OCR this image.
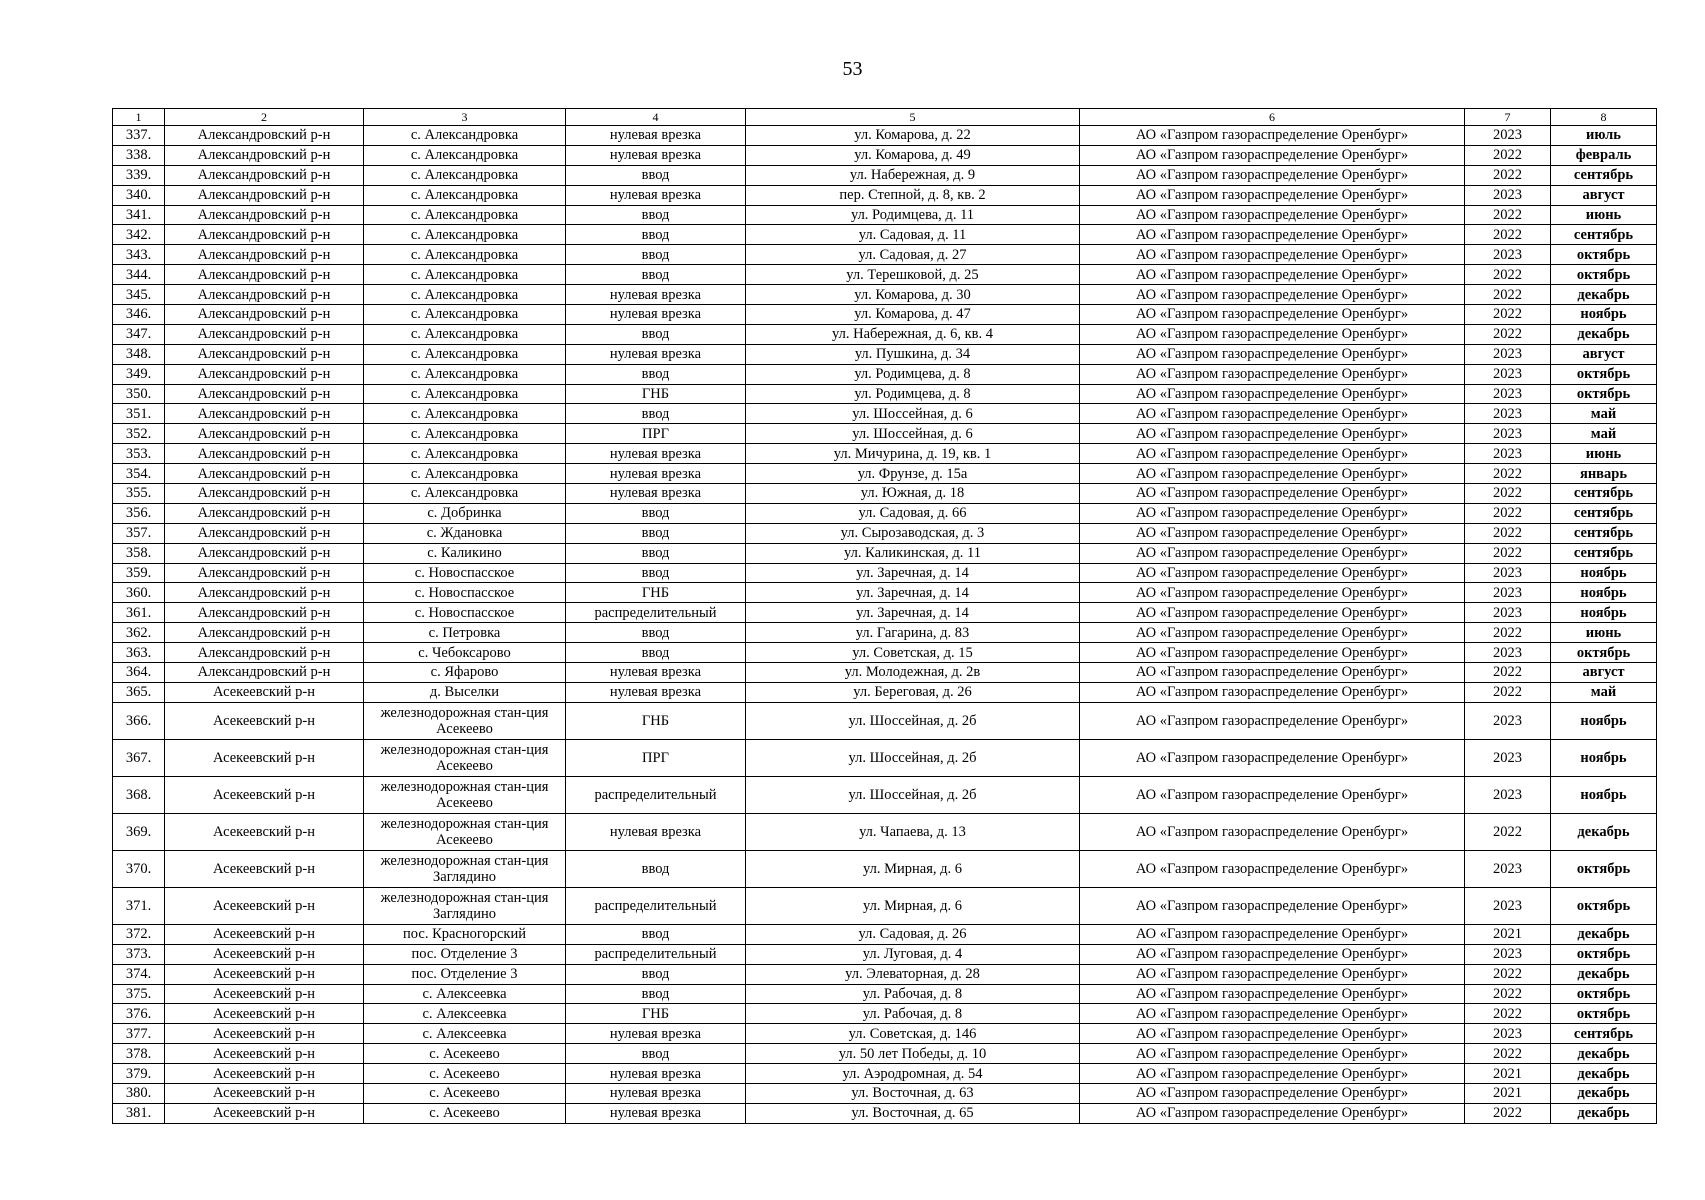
53
1	2	3	4	5	6	7	8
337.	Александровский р-н	с. Александровка	нулевая врезка	ул. Комарова, д. 22	АО «Газпром газораспределение Оренбург»	2023	июль
338.	Александровский р-н	с. Александровка	нулевая врезка	ул. Комарова, д. 49	АО «Газпром газораспределение Оренбург»	2022	февраль
339.	Александровский р-н	с. Александровка	ввод	ул. Набережная, д. 9	АО «Газпром газораспределение Оренбург»	2022	сентябрь
340.	Александровский р-н	с. Александровка	нулевая врезка	пер. Степной, д. 8, кв. 2	АО «Газпром газораспределение Оренбург»	2023	август
341.	Александровский р-н	с. Александровка	ввод	ул. Родимцева, д. 11	АО «Газпром газораспределение Оренбург»	2022	июнь
342.	Александровский р-н	с. Александровка	ввод	ул. Садовая, д. 11	АО «Газпром газораспределение Оренбург»	2022	сентябрь
343.	Александровский р-н	с. Александровка	ввод	ул. Садовая, д. 27	АО «Газпром газораспределение Оренбург»	2023	октябрь
344.	Александровский р-н	с. Александровка	ввод	ул. Терешковой, д. 25	АО «Газпром газораспределение Оренбург»	2022	октябрь
345.	Александровский р-н	с. Александровка	нулевая врезка	ул. Комарова, д. 30	АО «Газпром газораспределение Оренбург»	2022	декабрь
346.	Александровский р-н	с. Александровка	нулевая врезка	ул. Комарова, д. 47	АО «Газпром газораспределение Оренбург»	2022	ноябрь
347.	Александровский р-н	с. Александровка	ввод	ул. Набережная, д. 6, кв. 4	АО «Газпром газораспределение Оренбург»	2022	декабрь
348.	Александровский р-н	с. Александровка	нулевая врезка	ул. Пушкина, д. 34	АО «Газпром газораспределение Оренбург»	2023	август
349.	Александровский р-н	с. Александровка	ввод	ул. Родимцева, д. 8	АО «Газпром газораспределение Оренбург»	2023	октябрь
350.	Александровский р-н	с. Александровка	ГНБ	ул. Родимцева, д. 8	АО «Газпром газораспределение Оренбург»	2023	октябрь
351.	Александровский р-н	с. Александровка	ввод	ул. Шоссейная, д. 6	АО «Газпром газораспределение Оренбург»	2023	май
352.	Александровский р-н	с. Александровка	ПРГ	ул. Шоссейная, д. 6	АО «Газпром газораспределение Оренбург»	2023	май
353.	Александровский р-н	с. Александровка	нулевая врезка	ул. Мичурина, д. 19, кв. 1	АО «Газпром газораспределение Оренбург»	2023	июнь
354.	Александровский р-н	с. Александровка	нулевая врезка	ул. Фрунзе, д. 15а	АО «Газпром газораспределение Оренбург»	2022	январь
355.	Александровский р-н	с. Александровка	нулевая врезка	ул. Южная, д. 18	АО «Газпром газораспределение Оренбург»	2022	сентябрь
356.	Александровский р-н	с. Добринка	ввод	ул. Садовая, д. 66	АО «Газпром газораспределение Оренбург»	2022	сентябрь
357.	Александровский р-н	с. Ждановка	ввод	ул. Сырозаводская, д. 3	АО «Газпром газораспределение Оренбург»	2022	сентябрь
358.	Александровский р-н	с. Каликино	ввод	ул. Каликинская, д. 11	АО «Газпром газораспределение Оренбург»	2022	сентябрь
359.	Александровский р-н	с. Новоспасское	ввод	ул. Заречная, д. 14	АО «Газпром газораспределение Оренбург»	2023	ноябрь
360.	Александровский р-н	с. Новоспасское	ГНБ	ул. Заречная, д. 14	АО «Газпром газораспределение Оренбург»	2023	ноябрь
361.	Александровский р-н	с. Новоспасское	распределительный	ул. Заречная, д. 14	АО «Газпром газораспределение Оренбург»	2023	ноябрь
362.	Александровский р-н	с. Петровка	ввод	ул. Гагарина, д. 83	АО «Газпром газораспределение Оренбург»	2022	июнь
363.	Александровский р-н	с. Чебоксарово	ввод	ул. Советская, д. 15	АО «Газпром газораспределение Оренбург»	2023	октябрь
364.	Александровский р-н	с. Яфарово	нулевая врезка	ул. Молодежная, д. 2в	АО «Газпром газораспределение Оренбург»	2022	август
365.	Асекеевский р-н	д. Выселки	нулевая врезка	ул. Береговая, д. 26	АО «Газпром газораспределение Оренбург»	2022	май
366.	Асекеевский р-н	железнодорожная стан-ция Асекеево	ГНБ	ул. Шоссейная, д. 2б	АО «Газпром газораспределение Оренбург»	2023	ноябрь
367.	Асекеевский р-н	железнодорожная стан-ция Асекеево	ПРГ	ул. Шоссейная, д. 2б	АО «Газпром газораспределение Оренбург»	2023	ноябрь
368.	Асекеевский р-н	железнодорожная стан-ция Асекеево	распределительный	ул. Шоссейная, д. 2б	АО «Газпром газораспределение Оренбург»	2023	ноябрь
369.	Асекеевский р-н	железнодорожная стан-ция Асекеево	нулевая врезка	ул. Чапаева, д. 13	АО «Газпром газораспределение Оренбург»	2022	декабрь
370.	Асекеевский р-н	железнодорожная стан-ция Заглядино	ввод	ул. Мирная, д. 6	АО «Газпром газораспределение Оренбург»	2023	октябрь
371.	Асекеевский р-н	железнодорожная стан-ция Заглядино	распределительный	ул. Мирная, д. 6	АО «Газпром газораспределение Оренбург»	2023	октябрь
372.	Асекеевский р-н	пос. Красногорский	ввод	ул. Садовая, д. 26	АО «Газпром газораспределение Оренбург»	2021	декабрь
373.	Асекеевский р-н	пос. Отделение 3	распределительный	ул. Луговая, д. 4	АО «Газпром газораспределение Оренбург»	2023	октябрь
374.	Асекеевский р-н	пос. Отделение 3	ввод	ул. Элеваторная, д. 28	АО «Газпром газораспределение Оренбург»	2022	декабрь
375.	Асекеевский р-н	с. Алексеевка	ввод	ул. Рабочая, д. 8	АО «Газпром газораспределение Оренбург»	2022	октябрь
376.	Асекеевский р-н	с. Алексеевка	ГНБ	ул. Рабочая, д. 8	АО «Газпром газораспределение Оренбург»	2022	октябрь
377.	Асекеевский р-н	с. Алексеевка	нулевая врезка	ул. Советская, д. 146	АО «Газпром газораспределение Оренбург»	2023	сентябрь
378.	Асекеевский р-н	с. Асекеево	ввод	ул. 50 лет Победы, д. 10	АО «Газпром газораспределение Оренбург»	2022	декабрь
379.	Асекеевский р-н	с. Асекеево	нулевая врезка	ул. Аэродромная, д. 54	АО «Газпром газораспределение Оренбург»	2021	декабрь
380.	Асекеевский р-н	с. Асекеево	нулевая врезка	ул. Восточная, д. 63	АО «Газпром газораспределение Оренбург»	2021	декабрь
381.	Асекеевский р-н	с. Асекеево	нулевая врезка	ул. Восточная, д. 65	АО «Газпром газораспределение Оренбург»	2022	декабрь
